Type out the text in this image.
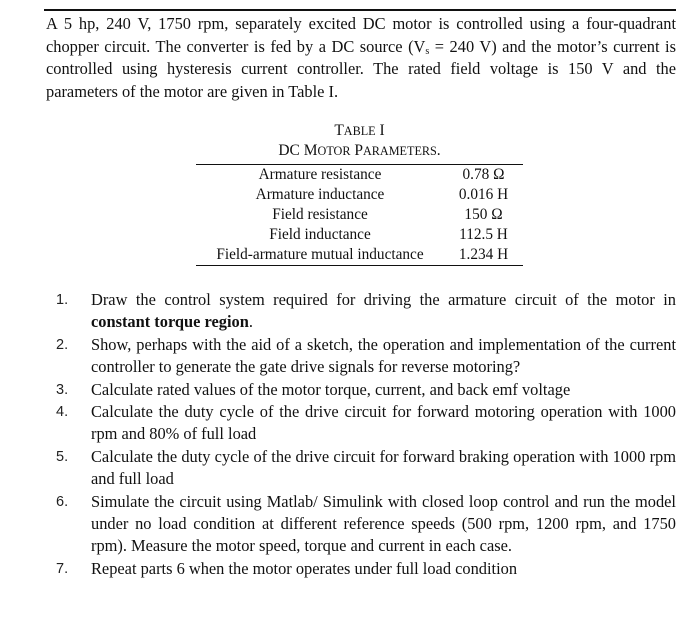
A 5 hp, 240 V, 1750 rpm, separately excited DC motor is controlled using a four-quadrant chopper circuit. The converter is fed by a DC source ($V_s = 240$ V) and the motor’s current is controlled using hysteresis current controller. The rated field voltage is 150 V and the parameters of the motor are given in Table I.
TABLE I
DC MOTOR PARAMETERS.
Armature resistance	0.78 Ω
Armature inductance	0.016 H
Field resistance	150 Ω
Field inductance	112.5 H
Field-armature mutual inductance	1.234 H
1. Draw the control system required for driving the armature circuit of the motor in constant torque region.
2. Show, perhaps with the aid of a sketch, the operation and implementation of the current controller to generate the gate drive signals for reverse motoring?
3. Calculate rated values of the motor torque, current, and back emf voltage
4. Calculate the duty cycle of the drive circuit for forward motoring operation with 1000 rpm and 80% of full load
5. Calculate the duty cycle of the drive circuit for forward braking operation with 1000 rpm and full load
6. Simulate the circuit using Matlab/ Simulink with closed loop control and run the model under no load condition at different reference speeds (500 rpm, 1200 rpm, and 1750 rpm). Measure the motor speed, torque and current in each case.
7. Repeat parts 6 when the motor operates under full load condition
